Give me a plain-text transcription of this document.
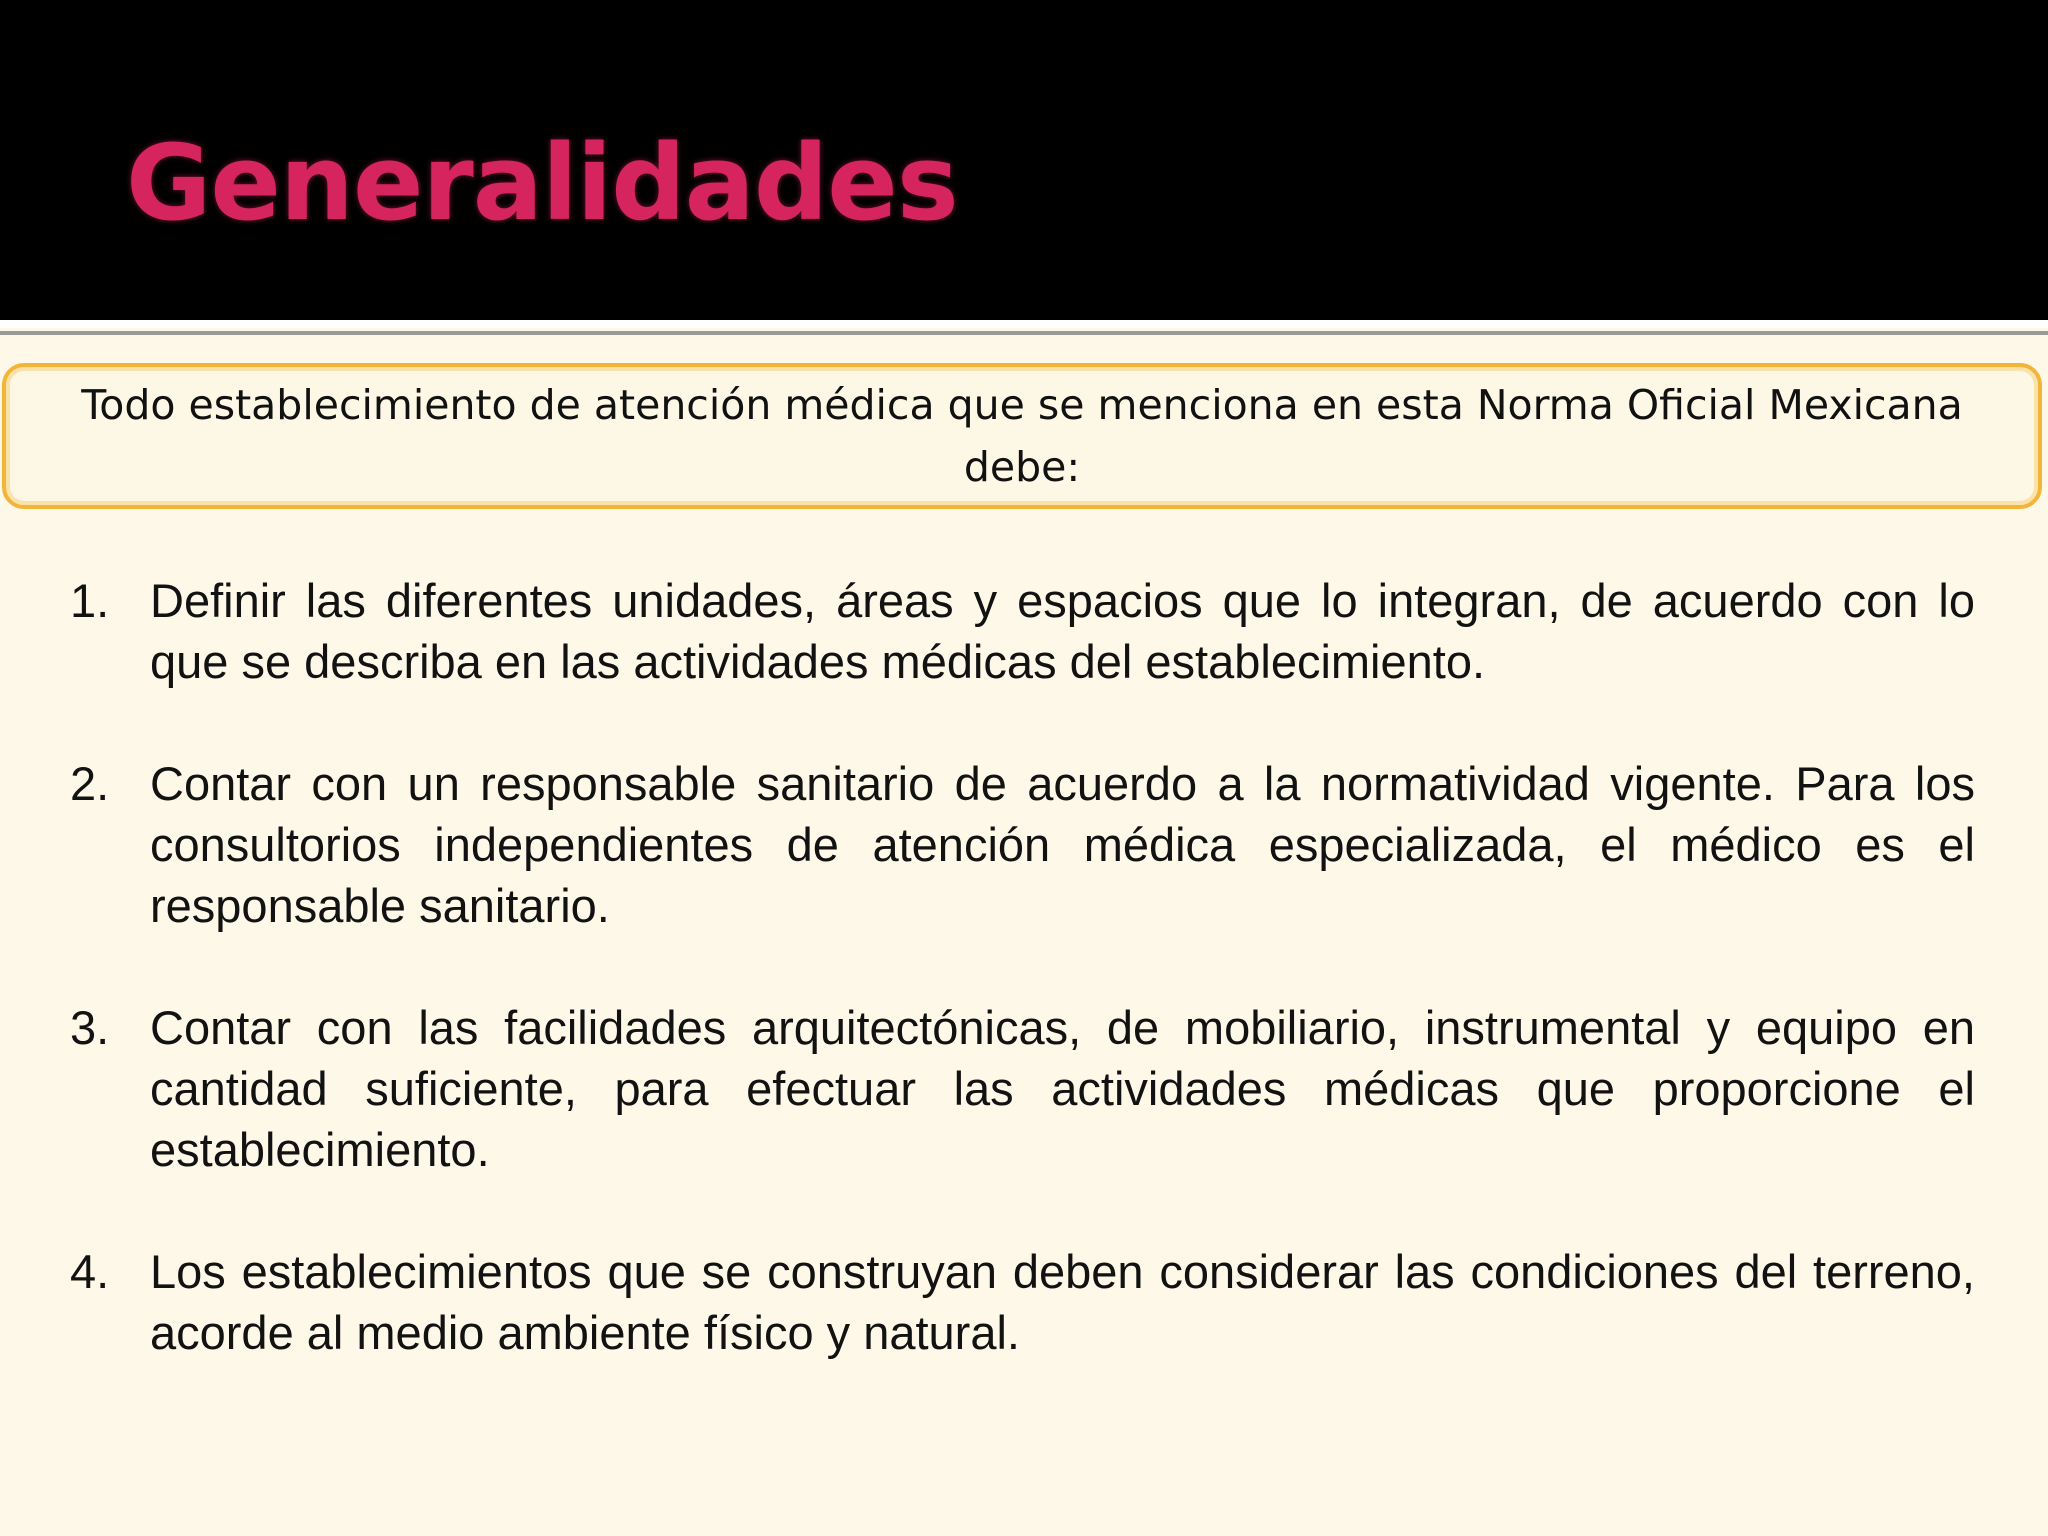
Generalidades

Todo establecimiento de atención médica que se menciona en esta Norma Oficial Mexicana debe:

1. Definir las diferentes unidades, áreas y espacios que lo integran, de acuerdo con lo que se describa en las actividades médicas del establecimiento.
2. Contar con un responsable sanitario de acuerdo a la normatividad vigente. Para los consultorios independientes de atención médica especializada, el médico es el responsable sanitario.
3. Contar con las facilidades arquitectónicas, de mobiliario, instrumental y equipo en cantidad suficiente, para efectuar las actividades médicas que proporcione el establecimiento.
4. Los establecimientos que se construyan deben considerar las condiciones del terreno, acorde al medio ambiente físico y natural.
